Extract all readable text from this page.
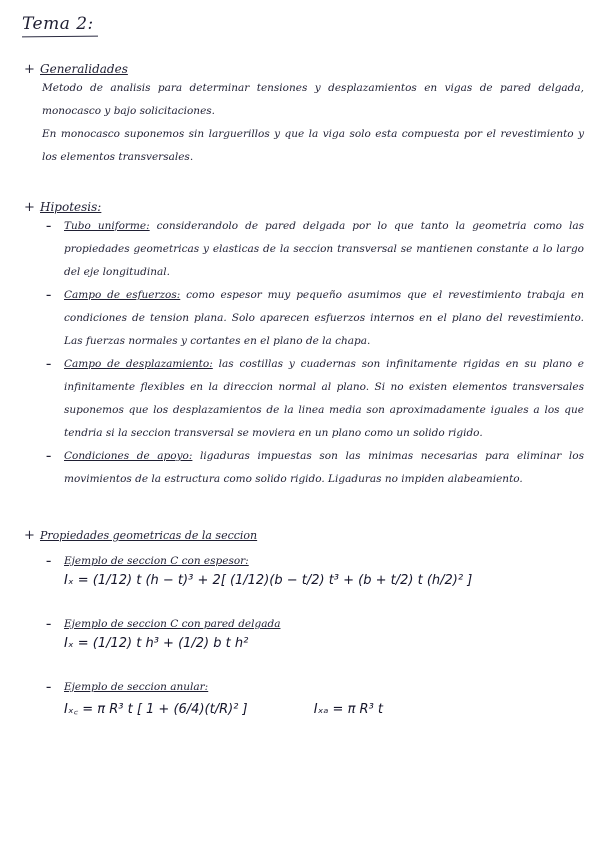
Tema 2:
+ Generalidades
Metodo de analisis para determinar tensiones y desplazamientos en vigas de pared delgada, monocasco y bajo solicitaciones.
En monocasco suponemos sin larguerillos y que la viga solo esta compuesta por el revestimiento y los elementos transversales.
+ Hipotesis:
– Tubo uniforme: considerandolo de pared delgada por lo que tanto la geometria como las propiedades geometricas y elasticas de la seccion transversal se mantienen constante a lo largo del eje longitudinal.
– Campo de esfuerzos: como espesor muy pequeño asumimos que el revestimiento trabaja en condiciones de tension plana. Solo aparecen esfuerzos internos en el plano del revestimiento. Las fuerzas normales y cortantes en el plano de la chapa.
– Campo de desplazamiento: las costillas y cuadernas son infinitamente rigidas en su plano e infinitamente flexibles en la direccion normal al plano. Si no existen elementos transversales suponemos que los desplazamientos de la linea media son aproximadamente iguales a los que tendria si la seccion transversal se moviera en un plano como un solido rigido.
– Condiciones de apoyo: ligaduras impuestas son las minimas necesarias para eliminar los movimientos de la estructura como solido rigido. Ligaduras no impiden alabeamiento.
+ Propiedades geometricas de la seccion
– Ejemplo de seccion C con espesor:
Iₓ = (1/12) t (h − t)³ + 2[ (1/12)(b − t/2) t³ + (b + t/2) t (h/2)² ]
– Ejemplo de seccion C con pared delgada
Iₓ = (1/12) t h³ + (1/2) b t h²
– Ejemplo de seccion anular:
Iₓ꜀ = π R³ t [ 1 + (6/4)(t/R)² ]	Iₓₐ = π R³ t
